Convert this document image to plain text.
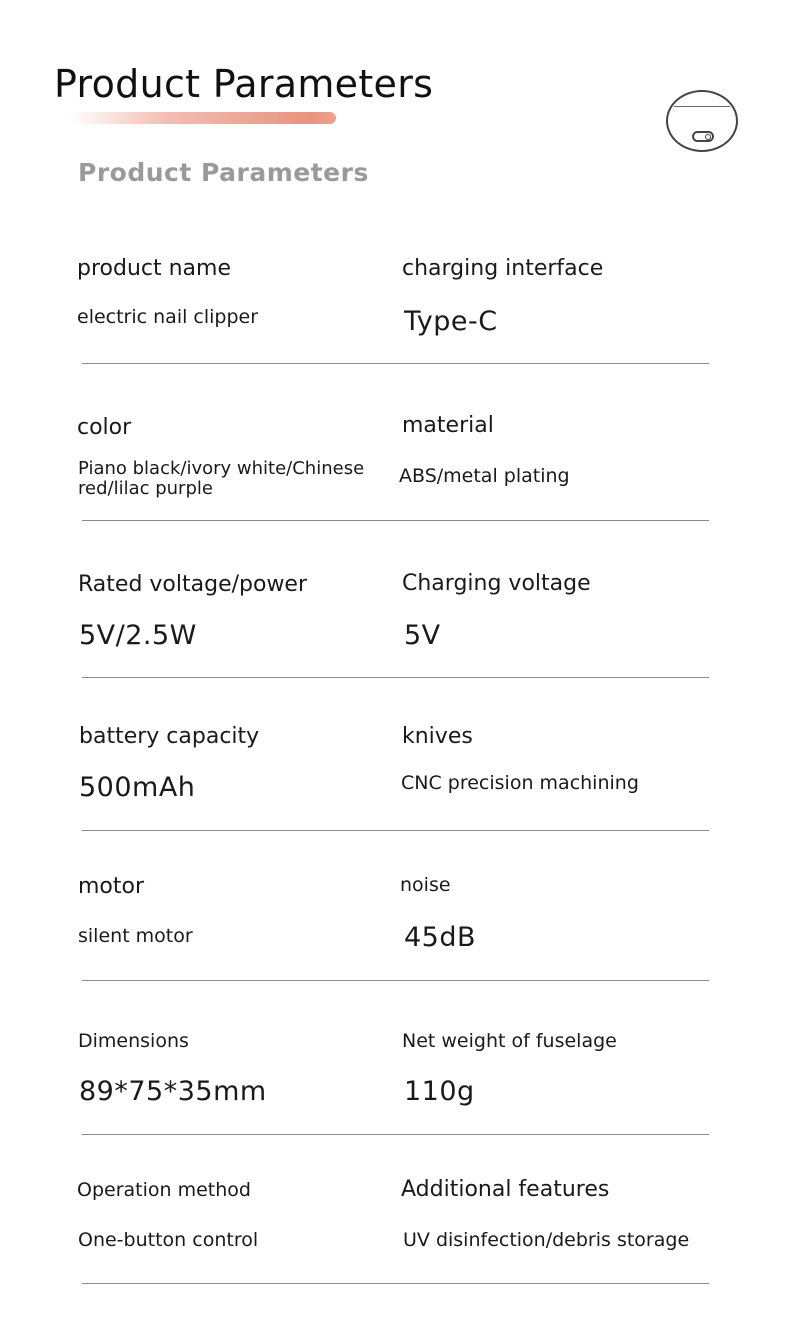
Product Parameters
Product Parameters
product name
electric nail clipper
charging interface
Type-C
color
Piano black/ivory white/Chinese red/lilac purple
material
ABS/metal plating
Rated voltage/power
5V/2.5W
Charging voltage
5V
battery capacity
500mAh
knives
CNC precision machining
motor
silent motor
noise
45dB
Dimensions
89*75*35mm
Net weight of fuselage
110g
Operation method
One-button control
Additional features
UV disinfection/debris storage
